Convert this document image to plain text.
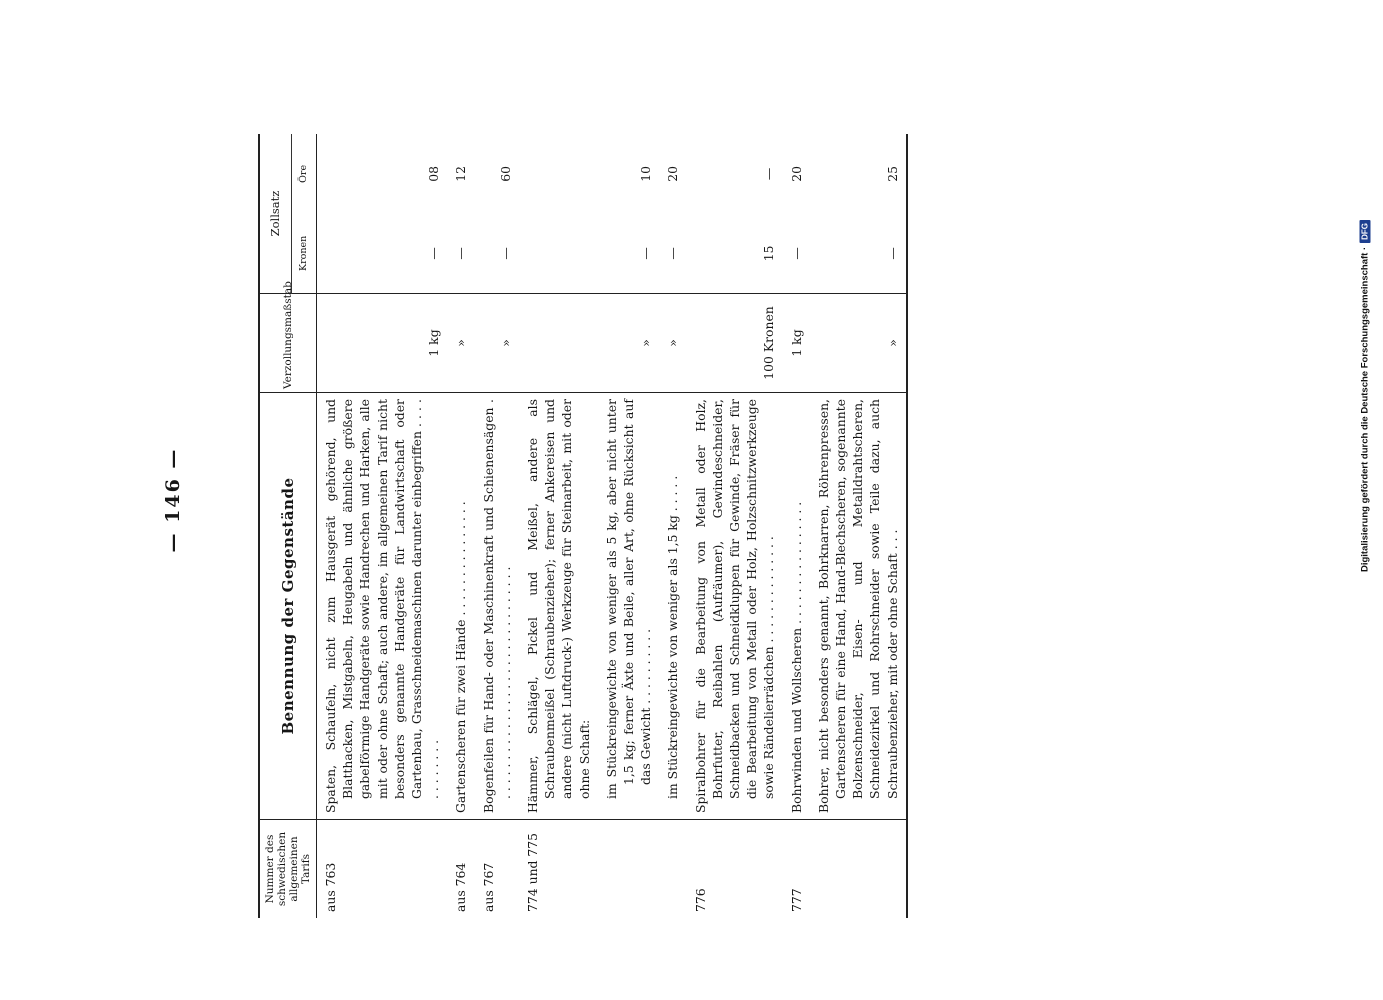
Digitalisierung gefördert durch die Deutsche Forschungsgemeinschaft ·
DFG
— 146 —
Nummer des schwedischen allgemeinen Tarifs	Benennung der Gegenstände	Verzollungsmaßstab	Zollsatz	
			Kronen	Öre
aus 763	Spaten, Schaufeln, nicht zum Hausgerät gehörend, und Blatthacken, Mistgabeln, Heugabeln und ähnliche größere gabelförmige Handgeräte sowie Handrechen und Harken, alle mit oder ohne Schaft; auch andere, im allgemeinen Tarif nicht besonders genannte Handgeräte für Landwirtschaft oder Gartenbau, Grasschneidemaschinen darunter einbegriffen . . . . . . . . . . . .	1 kg	—	08
aus 764	Gartenscheren für zwei Hände . . . . . . . . . . . . . . .	»	—	12
aus 767	Bogenfeilen für Hand- oder Maschinenkraft und Schienensägen . . . . . . . . . . . . . . . . . . . . . . . . . . . . . . .	»	—	60
774 und 775	Hämmer, Schlägel, Pickel und Meißel, andere als Schraubenmeißel (Schraubenzieher); ferner Ankereisen und andere (nicht Luftdruck-) Werkzeuge für Steinarbeit, mit oder ohne Schaft:			

	im Stückreingewichte von weniger als 5 kg, aber nicht unter 1,5 kg; ferner Äxte und Beile, aller Art, ohne Rücksicht auf das Gewicht . . . . . . . . . .	»	—	10

	im Stückreingewichte von weniger als 1,5 kg . . . . .	»	—	20
776	Spiralbohrer für die Bearbeitung von Metall oder Holz, Bohrfutter, Reibahlen (Aufräumer), Gewindeschneider, Schneidbacken und Schneidkluppen für Gewinde, Fräser für die Bearbeitung von Metall oder Holz, Holzschnitzwerkzeuge sowie Rändelierrädchen . . . . . . . . . . . . . .	100 Kronen	15	—
777	Bohrwinden und Wollscheren . . . . . . . . . . . . . . . .	1 kg	—	20

	Bohrer, nicht besonders genannt, Bohrknarren, Röhrenpressen, Gartenscheren für eine Hand, Hand-Blechscheren, sogenannte Bolzenschneider, Eisen- und Metalldrahtscheren, Schneidezirkel und Rohrschneider sowie Teile dazu, auch Schraubenzieher, mit oder ohne Schaft . . .	»	—	25
